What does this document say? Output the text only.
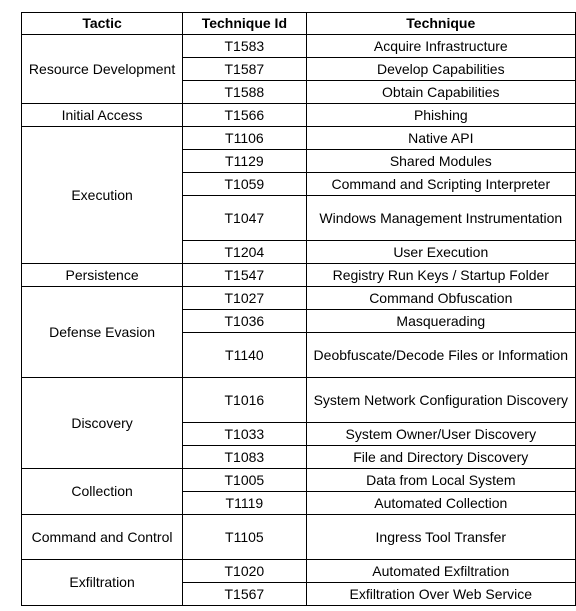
Tactic	Technique Id	Technique
Resource Development	T1583	Acquire Infrastructure
	T1587	Develop Capabilities
	T1588	Obtain Capabilities
Initial Access	T1566	Phishing
Execution	T1106	Native API
	T1129	Shared Modules
	T1059	Command and Scripting Interpreter
	T1047	Windows Management Instrumentation
	T1204	User Execution
Persistence	T1547	Registry Run Keys / Startup Folder
Defense Evasion	T1027	Command Obfuscation
	T1036	Masquerading
	T1140	Deobfuscate/Decode Files or Information
Discovery	T1016	System Network Configuration Discovery
	T1033	System Owner/User Discovery
	T1083	File and Directory Discovery
Collection	T1005	Data from Local System
	T1119	Automated Collection
Command and Control	T1105	Ingress Tool Transfer
Exfiltration	T1020	Automated Exfiltration
	T1567	Exfiltration Over Web Service
